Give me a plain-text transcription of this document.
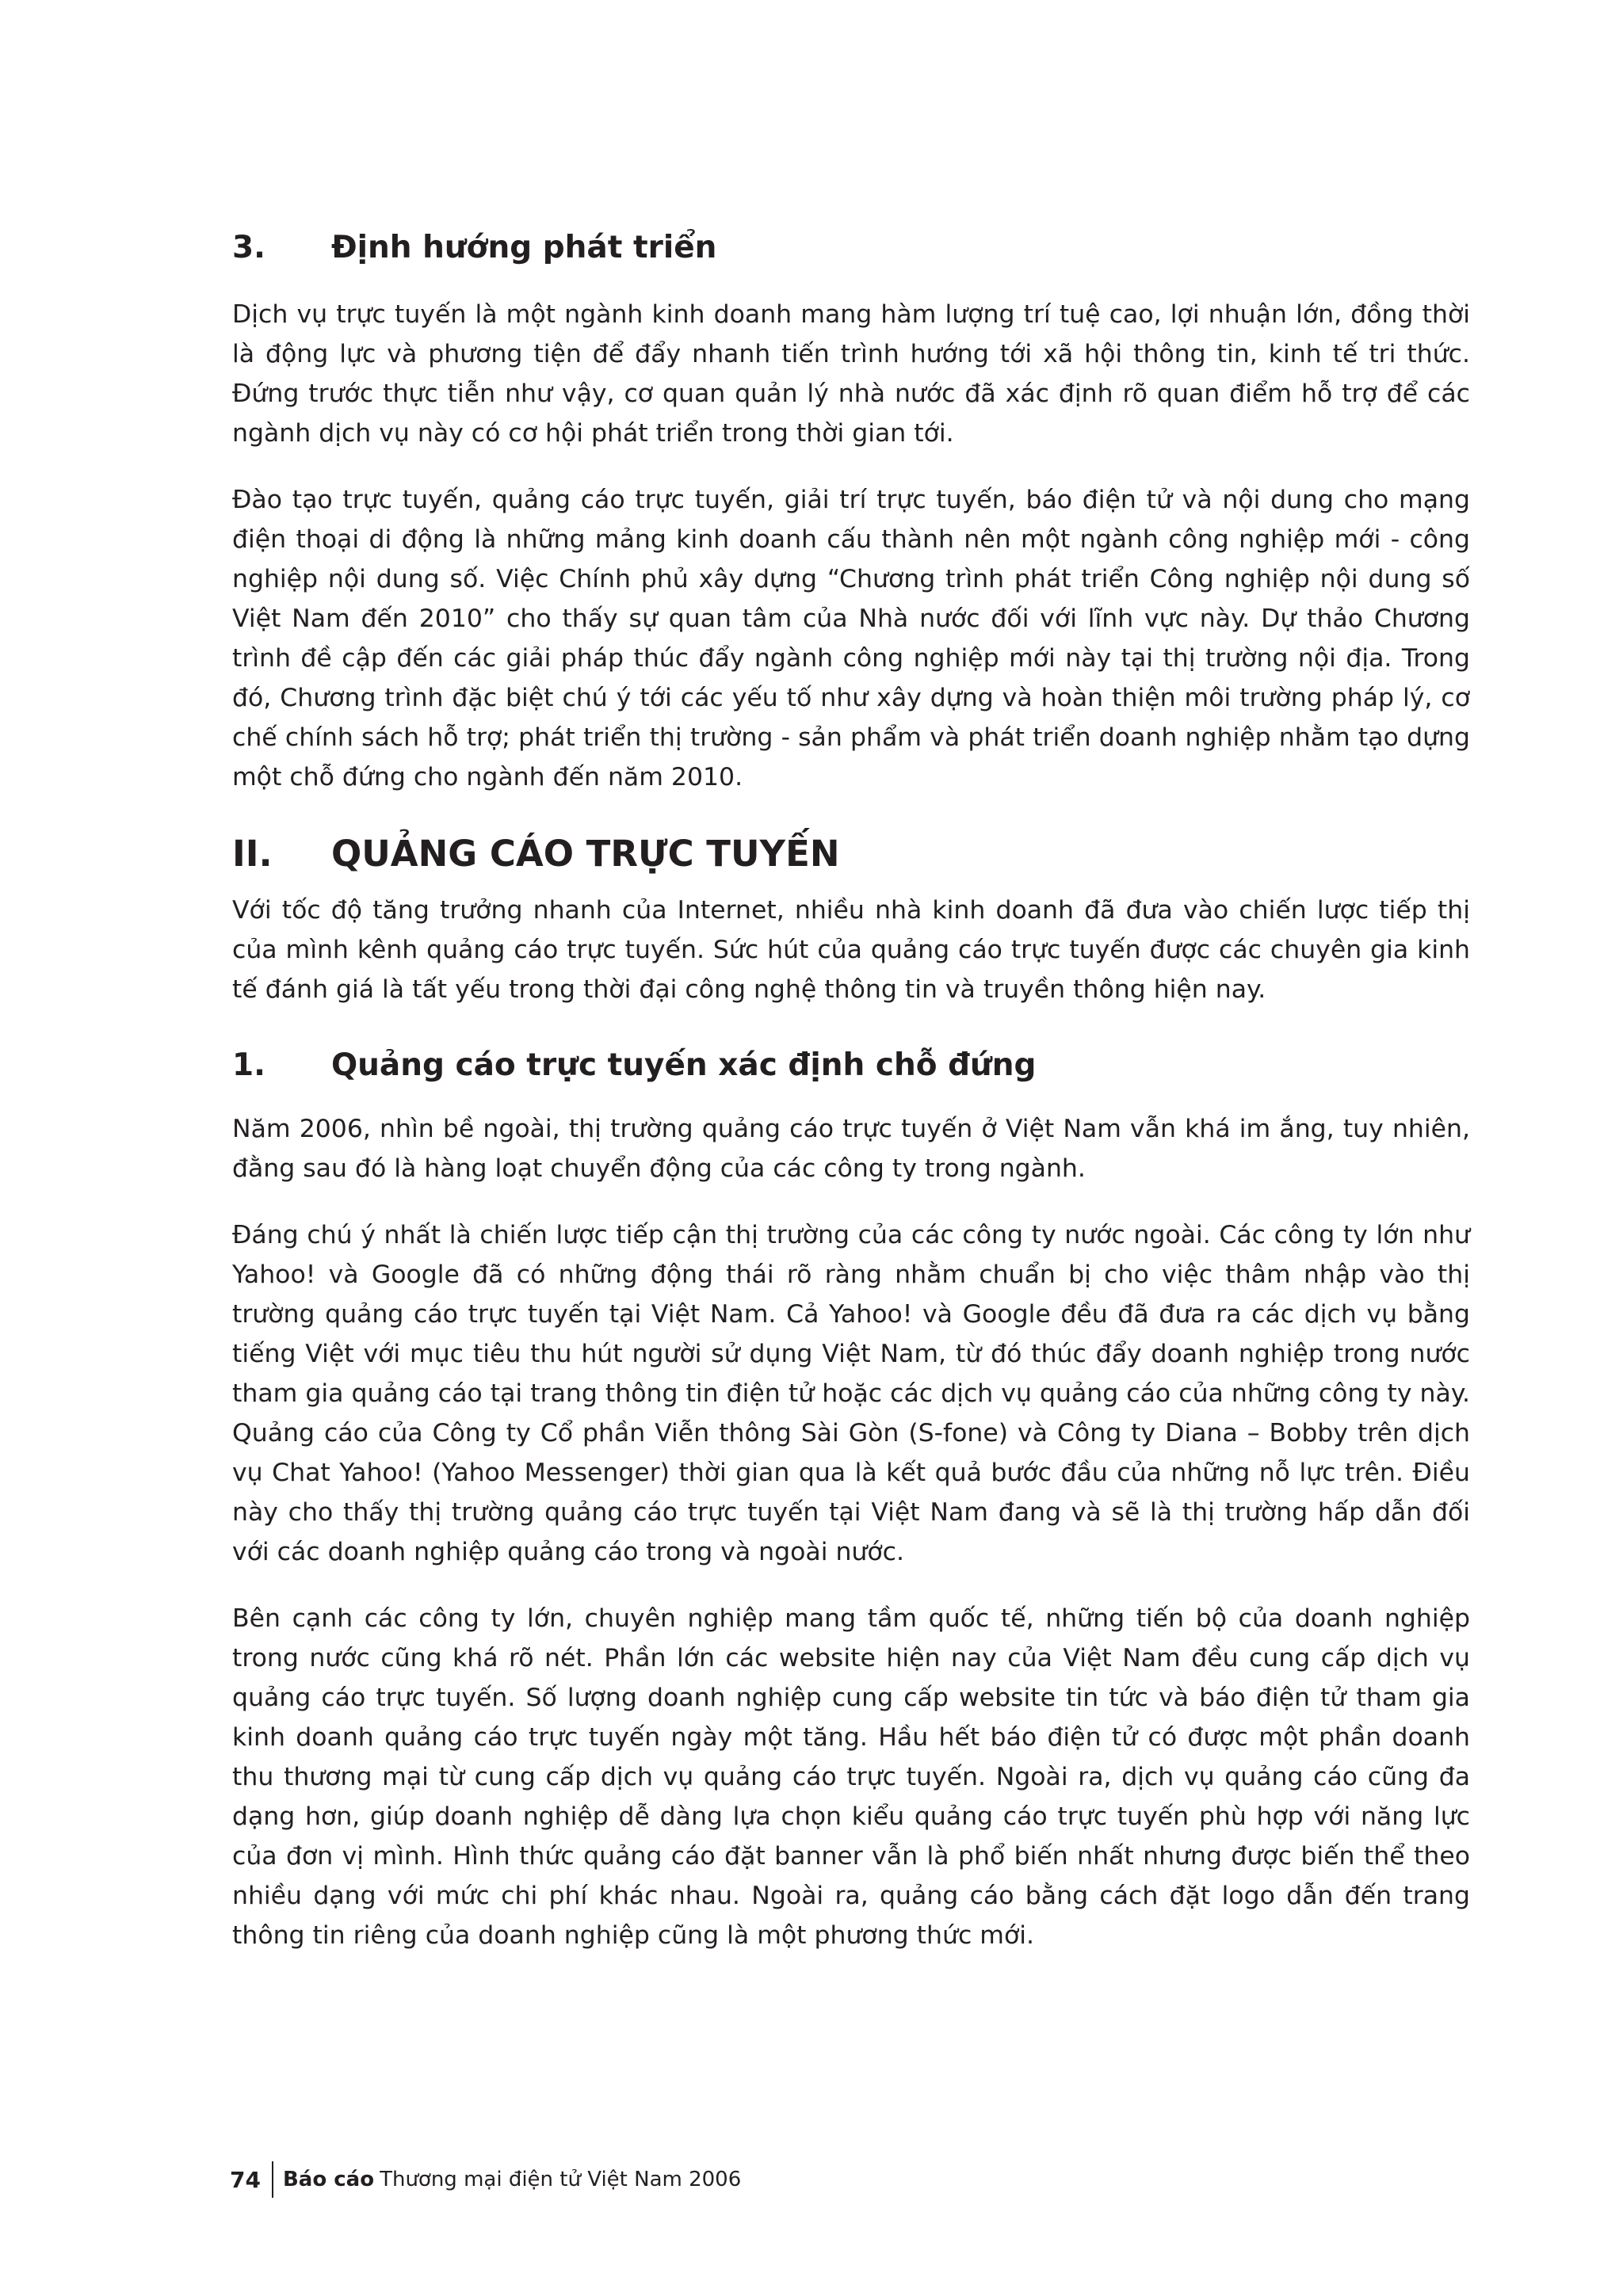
3.	Định hướng phát triển

Dịch vụ trực tuyến là một ngành kinh doanh mang hàm lượng trí tuệ cao, lợi nhuận lớn, đồng thời là động lực và phương tiện để đẩy nhanh tiến trình hướng tới xã hội thông tin, kinh tế tri thức. Đứng trước thực tiễn như vậy, cơ quan quản lý nhà nước đã xác định rõ quan điểm hỗ trợ để các ngành dịch vụ này có cơ hội phát triển trong thời gian tới.

Đào tạo trực tuyến, quảng cáo trực tuyến, giải trí trực tuyến, báo điện tử và nội dung cho mạng điện thoại di động là những mảng kinh doanh cấu thành nên một ngành công nghiệp mới - công nghiệp nội dung số. Việc Chính phủ xây dựng “Chương trình phát triển Công nghiệp nội dung số Việt Nam đến 2010” cho thấy sự quan tâm của Nhà nước đối với lĩnh vực này. Dự thảo Chương trình đề cập đến các giải pháp thúc đẩy ngành công nghiệp mới này tại thị trường nội địa. Trong đó, Chương trình đặc biệt chú ý tới các yếu tố như xây dựng và hoàn thiện môi trường pháp lý, cơ chế chính sách hỗ trợ; phát triển thị trường - sản phẩm và phát triển doanh nghiệp nhằm tạo dựng một chỗ đứng cho ngành đến năm 2010.

II.	QUẢNG CÁO TRỰC TUYẾN

Với tốc độ tăng trưởng nhanh của Internet, nhiều nhà kinh doanh đã đưa vào chiến lược tiếp thị của mình kênh quảng cáo trực tuyến. Sức hút của quảng cáo trực tuyến được các chuyên gia kinh tế đánh giá là tất yếu trong thời đại công nghệ thông tin và truyền thông hiện nay.

1.	Quảng cáo trực tuyến xác định chỗ đứng

Năm 2006, nhìn bề ngoài, thị trường quảng cáo trực tuyến ở Việt Nam vẫn khá im ắng, tuy nhiên, đằng sau đó là hàng loạt chuyển động của các công ty trong ngành.

Đáng chú ý nhất là chiến lược tiếp cận thị trường của các công ty nước ngoài. Các công ty lớn như Yahoo! và Google đã có những động thái rõ ràng nhằm chuẩn bị cho việc thâm nhập vào thị trường quảng cáo trực tuyến tại Việt Nam. Cả Yahoo! và Google đều đã đưa ra các dịch vụ bằng tiếng Việt với mục tiêu thu hút người sử dụng Việt Nam, từ đó thúc đẩy doanh nghiệp trong nước tham gia quảng cáo tại trang thông tin điện tử hoặc các dịch vụ quảng cáo của những công ty này. Quảng cáo của Công ty Cổ phần Viễn thông Sài Gòn (S-fone) và Công ty Diana – Bobby trên dịch vụ Chat Yahoo! (Yahoo Messenger) thời gian qua là kết quả bước đầu của những nỗ lực trên. Điều này cho thấy thị trường quảng cáo trực tuyến tại Việt Nam đang và sẽ là thị trường hấp dẫn đối với các doanh nghiệp quảng cáo trong và ngoài nước.

Bên cạnh các công ty lớn, chuyên nghiệp mang tầm quốc tế, những tiến bộ của doanh nghiệp trong nước cũng khá rõ nét. Phần lớn các website hiện nay của Việt Nam đều cung cấp dịch vụ quảng cáo trực tuyến. Số lượng doanh nghiệp cung cấp website tin tức và báo điện tử tham gia kinh doanh quảng cáo trực tuyến ngày một tăng. Hầu hết báo điện tử có được một phần doanh thu thương mại từ cung cấp dịch vụ quảng cáo trực tuyến. Ngoài ra, dịch vụ quảng cáo cũng đa dạng hơn, giúp doanh nghiệp dễ dàng lựa chọn kiểu quảng cáo trực tuyến phù hợp với năng lực của đơn vị mình. Hình thức quảng cáo đặt banner vẫn là phổ biến nhất nhưng được biến thể theo nhiều dạng với mức chi phí khác nhau. Ngoài ra, quảng cáo bằng cách đặt logo dẫn đến trang thông tin riêng của doanh nghiệp cũng là một phương thức mới.

74	Báo cáo Thương mại điện tử Việt Nam 2006
